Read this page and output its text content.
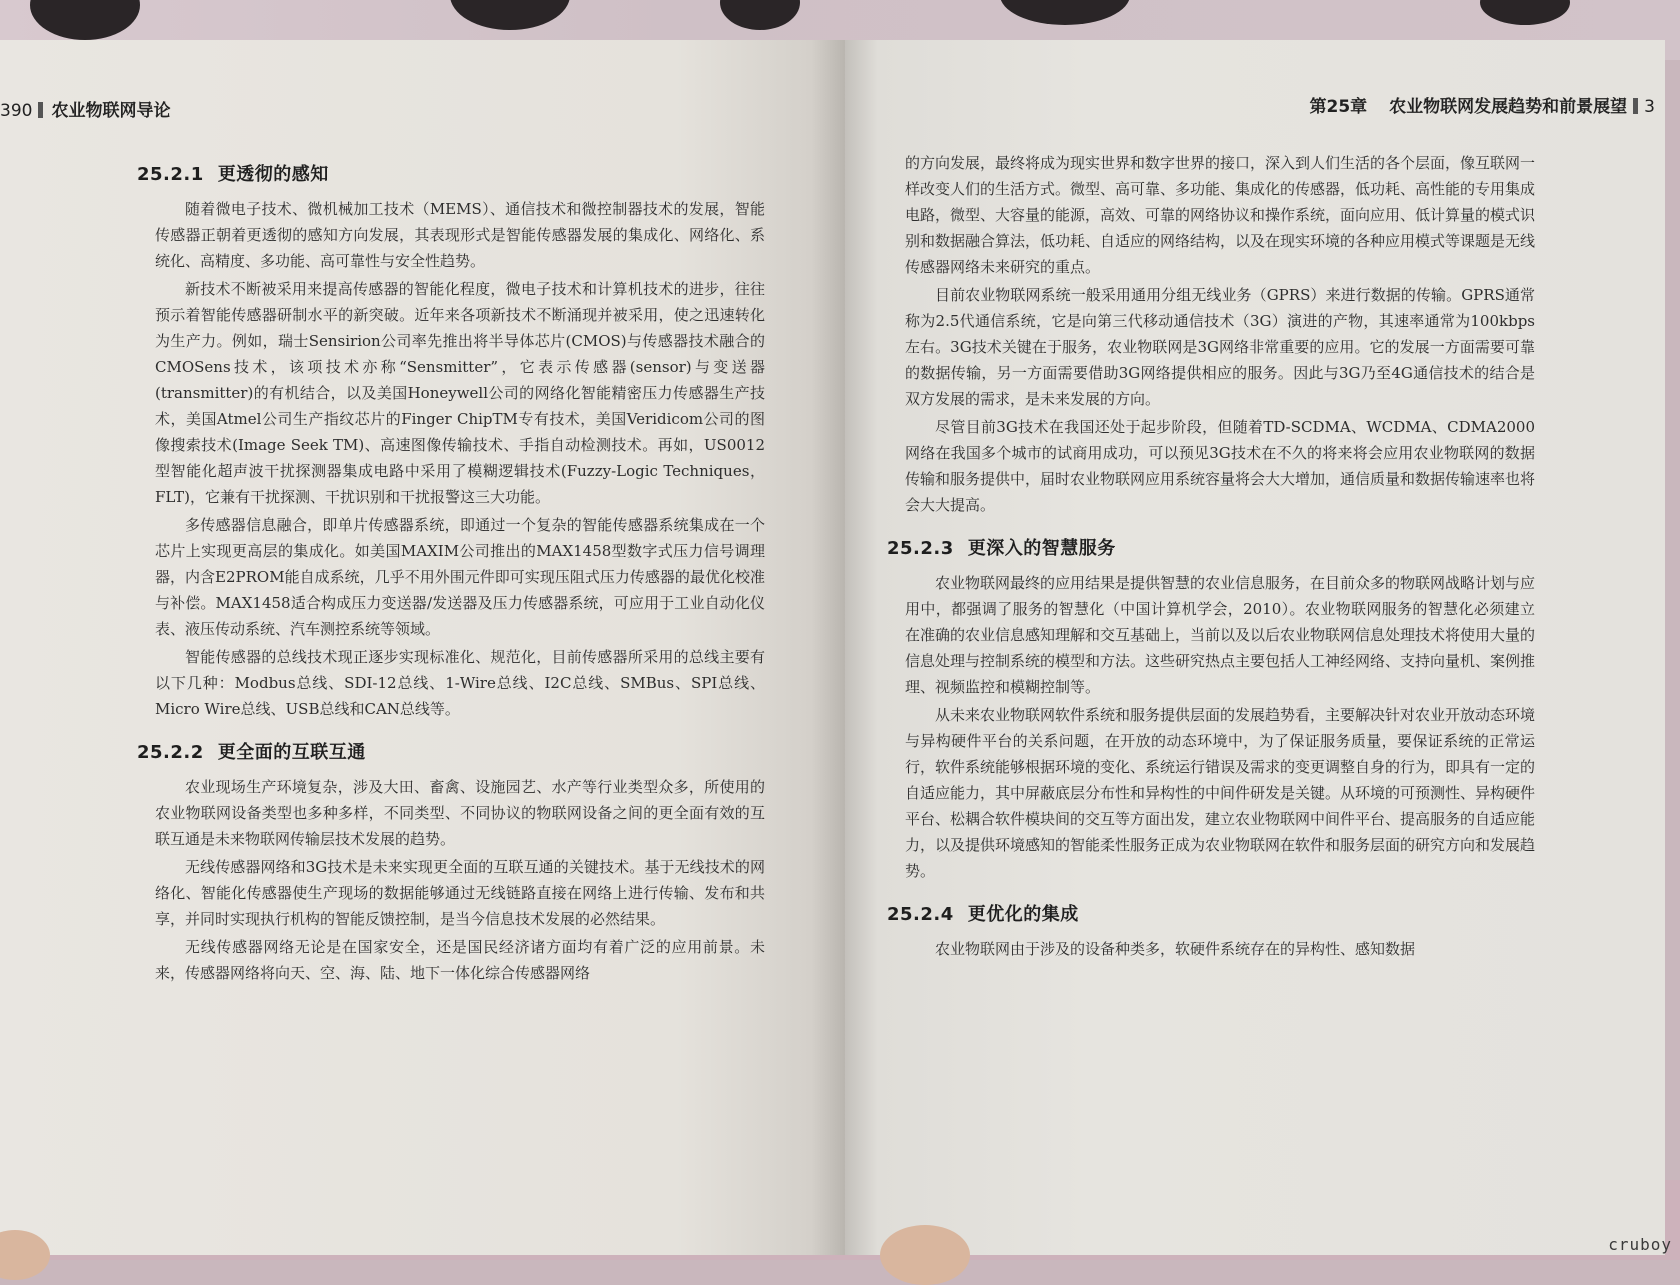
390 农业物联网导论	第25章 农业物联网发展趋势和前景展望 3
25.2.1 更透彻的感知

随着微电子技术、微机械加工技术（MEMS）、通信技术和微控制器技术的发展，智能传感器正朝着更透彻的感知方向发展，其表现形式是智能传感器发展的集成化、网络化、系统化、高精度、多功能、高可靠性与安全性趋势。

新技术不断被采用来提高传感器的智能化程度，微电子技术和计算机技术的进步，往往预示着智能传感器研制水平的新突破。近年来各项新技术不断涌现并被采用，使之迅速转化为生产力。例如，瑞士Sensirion公司率先推出将半导体芯片(CMOS)与传感器技术融合的CMOSens技术，该项技术亦称“Sensmitter”，它表示传感器(sensor)与变送器(transmitter)的有机结合，以及美国Honeywell公司的网络化智能精密压力传感器生产技术，美国Atmel公司生产指纹芯片的Finger ChipTM专有技术，美国Veridicom公司的图像搜索技术(Image Seek TM)、高速图像传输技术、手指自动检测技术。再如，US0012型智能化超声波干扰探测器集成电路中采用了模糊逻辑技术(Fuzzy-Logic Techniques，FLT)，它兼有干扰探测、干扰识别和干扰报警这三大功能。

多传感器信息融合，即单片传感器系统，即通过一个复杂的智能传感器系统集成在一个芯片上实现更高层的集成化。如美国MAXIM公司推出的MAX1458型数字式压力信号调理器，内含E2PROM能自成系统，几乎不用外围元件即可实现压阻式压力传感器的最优化校准与补偿。MAX1458适合构成压力变送器/发送器及压力传感器系统，可应用于工业自动化仪表、液压传动系统、汽车测控系统等领域。

智能传感器的总线技术现正逐步实现标准化、规范化，目前传感器所采用的总线主要有以下几种：Modbus总线、SDI-12总线、1-Wire总线、I2C总线、SMBus、SPI总线、Micro Wire总线、USB总线和CAN总线等。

25.2.2 更全面的互联互通

农业现场生产环境复杂，涉及大田、畜禽、设施园艺、水产等行业类型众多，所使用的农业物联网设备类型也多种多样，不同类型、不同协议的物联网设备之间的更全面有效的互联互通是未来物联网传输层技术发展的趋势。

无线传感器网络和3G技术是未来实现更全面的互联互通的关键技术。基于无线技术的网络化、智能化传感器使生产现场的数据能够通过无线链路直接在网络上进行传输、发布和共享，并同时实现执行机构的智能反馈控制，是当今信息技术发展的必然结果。

无线传感器网络无论是在国家安全，还是国民经济诸方面均有着广泛的应用前景。未来，传感器网络将向天、空、海、陆、地下一体化综合传感器网络

的方向发展，最终将成为现实世界和数字世界的接口，深入到人们生活的各个层面，像互联网一样改变人们的生活方式。微型、高可靠、多功能、集成化的传感器，低功耗、高性能的专用集成电路，微型、大容量的能源，高效、可靠的网络协议和操作系统，面向应用、低计算量的模式识别和数据融合算法，低功耗、自适应的网络结构，以及在现实环境的各种应用模式等课题是无线传感器网络未来研究的重点。

目前农业物联网系统一般采用通用分组无线业务（GPRS）来进行数据的传输。GPRS通常称为2.5代通信系统，它是向第三代移动通信技术（3G）演进的产物，其速率通常为100kbps左右。3G技术关键在于服务，农业物联网是3G网络非常重要的应用。它的发展一方面需要可靠的数据传输，另一方面需要借助3G网络提供相应的服务。因此与3G乃至4G通信技术的结合是双方发展的需求，是未来发展的方向。

尽管目前3G技术在我国还处于起步阶段，但随着TD-SCDMA、WCDMA、CDMA2000网络在我国多个城市的试商用成功，可以预见3G技术在不久的将来将会应用农业物联网的数据传输和服务提供中，届时农业物联网应用系统容量将会大大增加，通信质量和数据传输速率也将会大大提高。

25.2.3 更深入的智慧服务

农业物联网最终的应用结果是提供智慧的农业信息服务，在目前众多的物联网战略计划与应用中，都强调了服务的智慧化（中国计算机学会，2010）。农业物联网服务的智慧化必须建立在准确的农业信息感知理解和交互基础上，当前以及以后农业物联网信息处理技术将使用大量的信息处理与控制系统的模型和方法。这些研究热点主要包括人工神经网络、支持向量机、案例推理、视频监控和模糊控制等。

从未来农业物联网软件系统和服务提供层面的发展趋势看，主要解决针对农业开放动态环境与异构硬件平台的关系问题，在开放的动态环境中，为了保证服务质量，要保证系统的正常运行，软件系统能够根据环境的变化、系统运行错误及需求的变更调整自身的行为，即具有一定的自适应能力，其中屏蔽底层分布性和异构性的中间件研发是关键。从环境的可预测性、异构硬件平台、松耦合软件模块间的交互等方面出发，建立农业物联网中间件平台、提高服务的自适应能力，以及提供环境感知的智能柔性服务正成为农业物联网在软件和服务层面的研究方向和发展趋势。

25.2.4 更优化的集成

农业物联网由于涉及的设备种类多，软硬件系统存在的异构性、感知数据

cruboy
